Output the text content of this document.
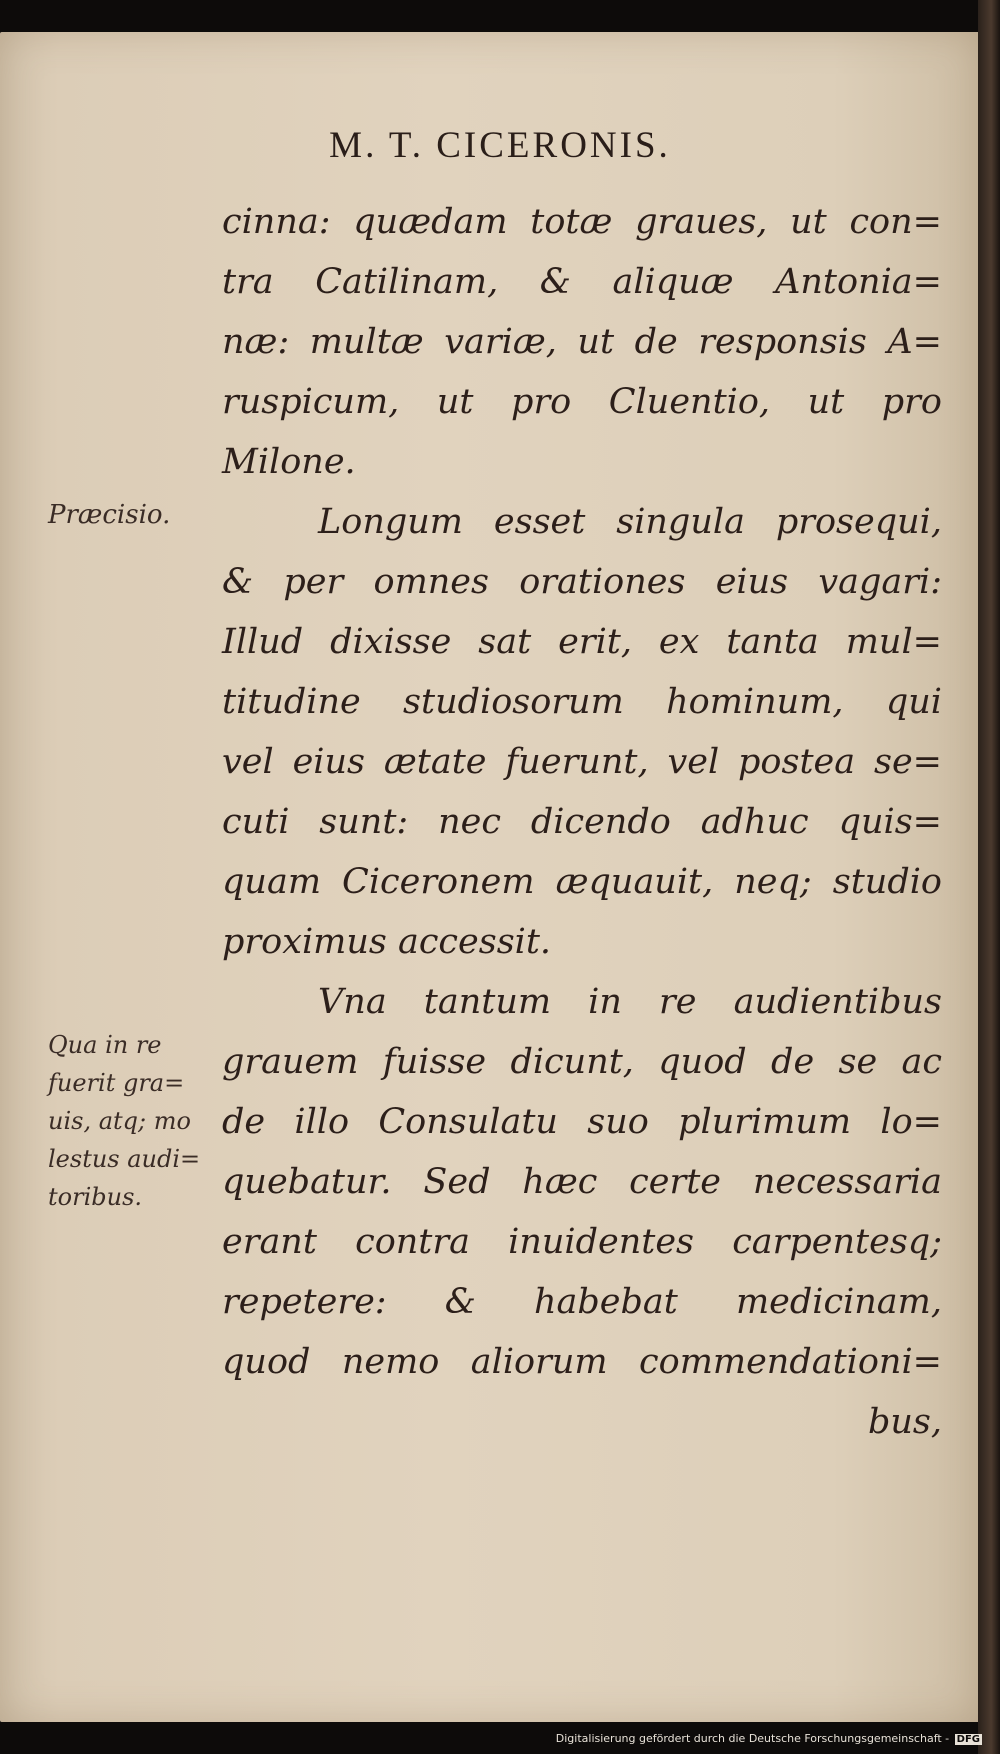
M. T. CICERONIS.
cinna: quædam totæ graues, ut con=
tra Catilinam, & aliquæ Antonia=
næ: multæ variæ, ut de responsis A=
ruspicum, ut pro Cluentio, ut pro
Milone.
Longum esset singula prosequi,
& per omnes orationes eius vagari:
Illud dixisse sat erit, ex tanta mul=
titudine studiosorum hominum, qui
vel eius ætate fuerunt, vel postea se=
cuti sunt: nec dicendo adhuc quis=
quam Ciceronem æquauit, neq; studio
proximus accessit.
Vna tantum in re audientibus
grauem fuisse dicunt, quod de se ac
de illo Consulatu suo plurimum lo=
quebatur. Sed hæc certe necessaria
erant contra inuidentes carpentesq;
repetere: & habebat medicinam,
quod nemo aliorum commendationi=
bus,
Præcisio.
Qua in re
fuerit gra=
uis, atq; mo
lestus audi=
toribus.
Digitalisierung gefördert durch die Deutsche Forschungsgemeinschaft - DFG
